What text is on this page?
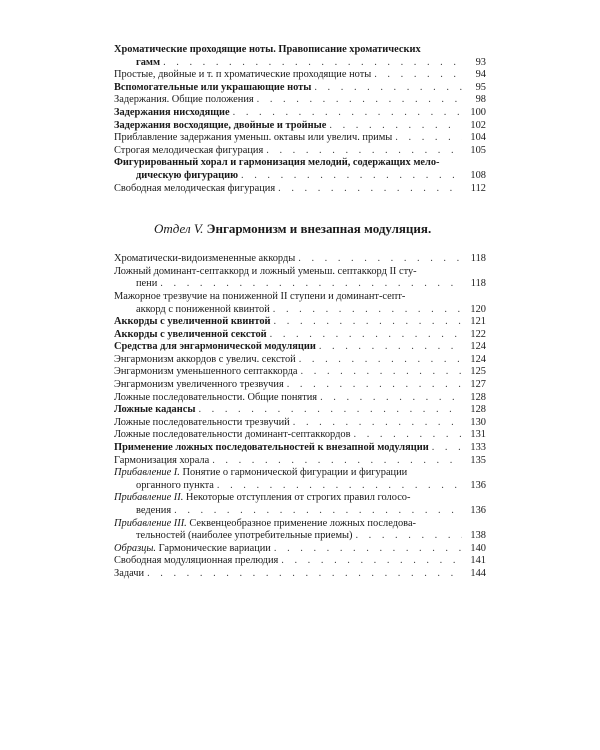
Хроматические проходящие ноты. Правописание хроматических
гамм . . .	93
Простые, двойные и т. п хроматические проходящие ноты . . .	94
Вспомогательные или украшающие ноты . . .	95
Задержания. Общие положения . . .	98
Задержания нисходящие . . .	100
Задержания восходящие, двойные и тройные . . .	102
Приблавление задержания уменьш. октавы или увелич. примы . . .	104
Строгая мелодическая фигурация . . .	105
Фигурированный хорал и гармонизация мелодий, содержащих мело-
дическую фигурацию . . .	108
Свободная мелодическая фигурация . . .	112
Отдел V. Энгармонизм и внезапная модуляция.
Хроматически-видоизмененные аккорды . . .	118
Ложный доминант-септаккорд и ложный уменьш. септаккорд II сту-
пени . . .	118
Мажорное трезвучие на пониженной II ступени и доминант-септ-
аккорд с пониженной квинтой . . .	120
Аккорды с увеличенной квинтой . . .	121
Аккорды с увеличенной секстой . . .	122
Средства для энгармонической модуляции . . .	124
Энгармонизм аккордов с увелич. секстой . . .	124
Энгармонизм уменьшенного септаккорда . . .	125
Энгармонизм увеличенного трезвучия . . .	127
Ложные последовательности. Общие понятия . . .	128
Ложные каданcы . . .	128
Ложные последовательности трезвучий . . .	130
Ложные последовательности доминант-септаккордов . . .	131
Применение ложных последовательностей к внезапной модуляции . . .	133
Гармонизация хорала . . .	135
Прибавление I.
Понятие о гармонической фигурации и фигурации
органного пункта . . .	136
Прибавление II.
Некоторые отступления от строгих правил голосо-
ведения . . .	136
Прибавление III.
Секвенцеобразное применение ложных последова-
тельностей (наиболее употребительные приемы) . . .	138
Образцы.
Гармонические вариации . . .	140
Свободная модуляционная прелюдия . . .	141
Задачи . . .	144
